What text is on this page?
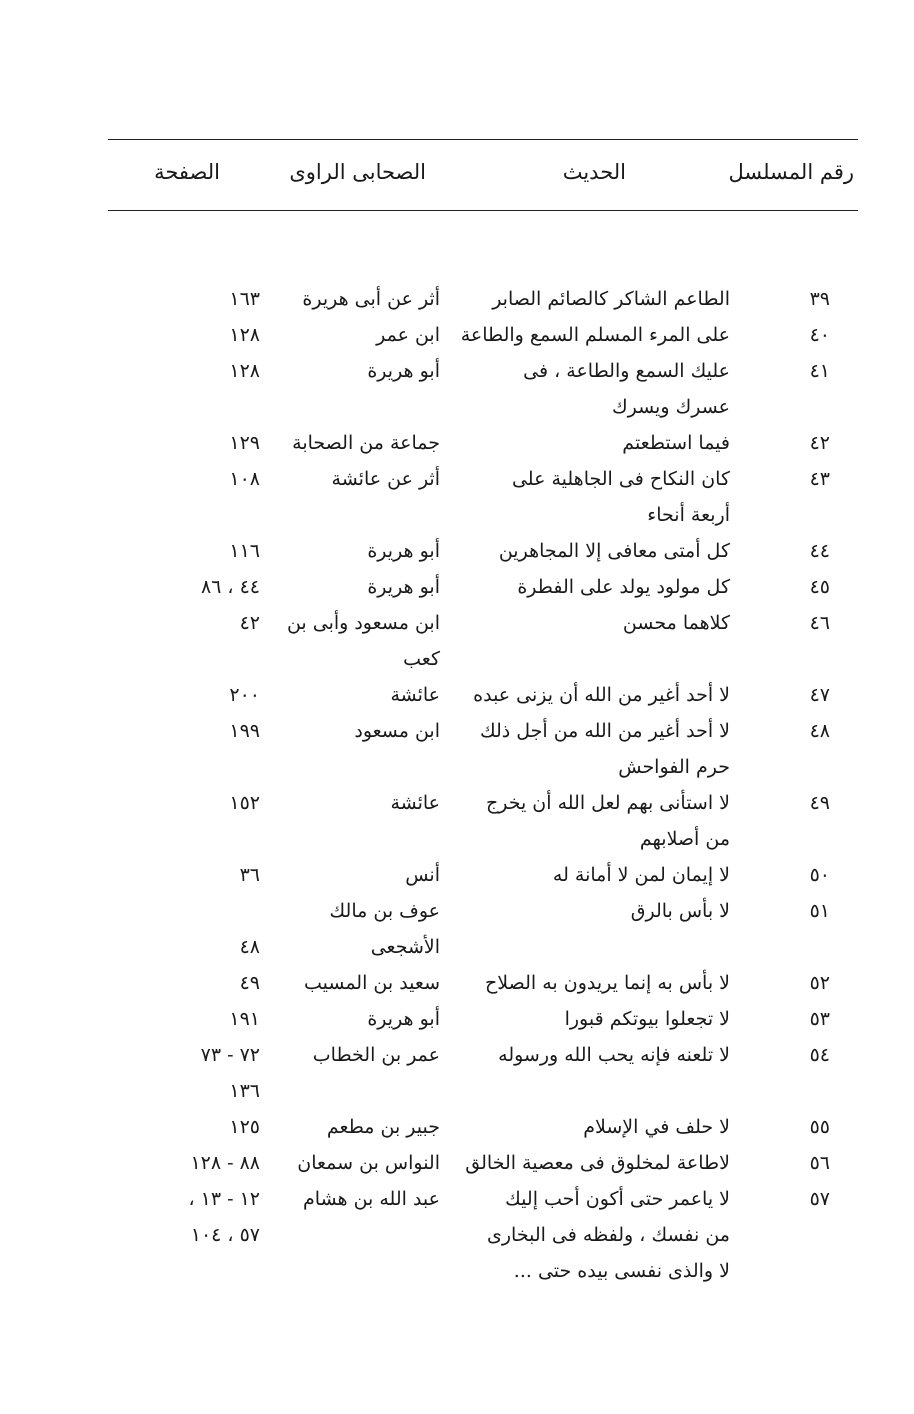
رقم المسلسل
الحديث
الصحابى الراوى
الصفحة
٣٩
الطاعم الشاكر كالصائم الصابر
أثر عن أبى هريرة
١٦٣
٤٠
على المرء المسلم السمع والطاعة
ابن عمر
١٢٨
٤١
عليك السمع والطاعة ، فى
أبو هريرة
١٢٨
عسرك ويسرك
٤٢
فيما استطعتم
جماعة من الصحابة
١٢٩
٤٣
كان النكاح فى الجاهلية على
أثر عن عائشة
١٠٨
أربعة أنحاء
٤٤
كل أمتى معافى إلا المجاهرين
أبو هريرة
١١٦
٤٥
كل مولود يولد على الفطرة
أبو هريرة
٤٤ ، ٨٦
٤٦
كلاهما محسن
ابن مسعود وأبى بن
٤٢
كعب
٤٧
لا أحد أغير من الله أن يزنى عبده
عائشة
٢٠٠
٤٨
لا أحد أغير من الله من أجل ذلك
ابن مسعود
١٩٩
حرم الفواحش
٤٩
لا استأنى بهم لعل الله أن يخرج
عائشة
١٥٢
من أصلابهم
٥٠
لا إيمان لمن لا أمانة له
أنس
٣٦
٥١
لا بأس بالرق
عوف بن مالك
الأشجعى
٤٨
٥٢
لا بأس به إنما يريدون به الصلاح
سعيد بن المسيب
٤٩
٥٣
لا تجعلوا بيوتكم قبورا
أبو هريرة
١٩١
٥٤
لا تلعنه فإنه يحب الله ورسوله
عمر بن الخطاب
٧٢ - ٧٣
١٣٦
٥٥
لا حلف في الإسلام
جبير بن مطعم
١٢٥
٥٦
لاطاعة لمخلوق فى معصية الخالق
النواس بن سمعان
٨٨ - ١٢٨
٥٧
لا ياعمر حتى أكون أحب إليك
عبد الله بن هشام
١٢ - ١٣ ،
من نفسك ، ولفظه فى البخارى
٥٧ ، ١٠٤
لا والذى نفسى بيده حتى ...
